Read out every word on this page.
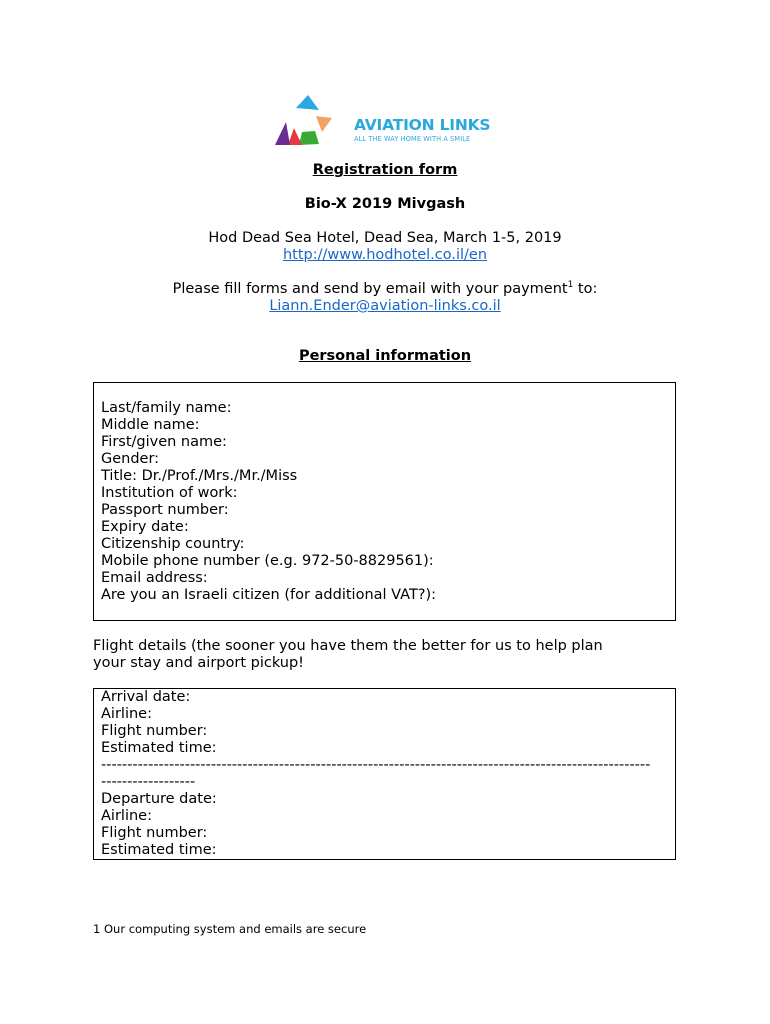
AVIATION LINKS
ALL THE WAY HOME WITH A SMILE
Registration form
Bio-X 2019 Mivgash
Hod Dead Sea Hotel, Dead Sea, March 1-5, 2019
http://www.hodhotel.co.il/en
Please fill forms and send by email with your payment$^1$ to:
Liann.Ender@aviation-links.co.il
Personal information
Last/family name:
Middle name:
First/given name:
Gender:
Title: Dr./Prof./Mrs./Mr./Miss
Institution of work:
Passport number:
Expiry date:
Citizenship country:
Mobile phone number (e.g. 972-50-8829561):
Email address:
Are you an Israeli citizen (for additional VAT?):
Flight details (the sooner you have them the better for us to help plan
your stay and airport pickup!
Arrival date:
Airline:
Flight number:
Estimated time:
---------------------------------------------------------------------------------------------------------
------------------
Departure date:
Airline:
Flight number:
Estimated time:
1 Our computing system and emails are secure
